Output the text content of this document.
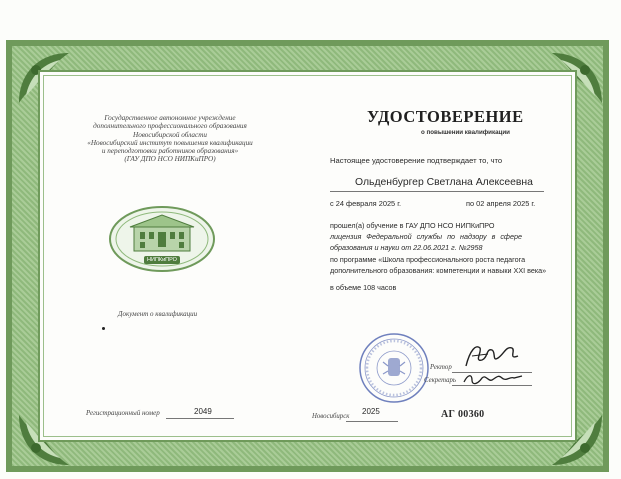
Государственное автономное учреждение
дополнительного профессионального образования
Новосибирской области
«Новосибирский институт повышения квалификации
и переподготовки работников образования»
(ГАУ ДПО НСО НИПКиПРО)
НИПКиПРО
Документ о квалификации
Регистрационный номер	2049
УДОСТОВЕРЕНИЕ
о повышении квалификации
Настоящее удостоверение подтверждает то, что
Ольденбургер Светлана Алексеевна
с 24 февраля 2025 г.	по 02 апреля 2025 г.
прошел(а) обучение в ГАУ ДПО НСО НИПКиПРО
лицензия Федеральной службы по надзору в сфере
образования и науки от 22.06.2021 г. №2958
по программе «Школа профессионального роста педагога
дополнительного образования: компетенции и навыки XXI века»
в объеме 108 часов
Ректор
Секретарь
Новосибирск
2025	АГ 00360
